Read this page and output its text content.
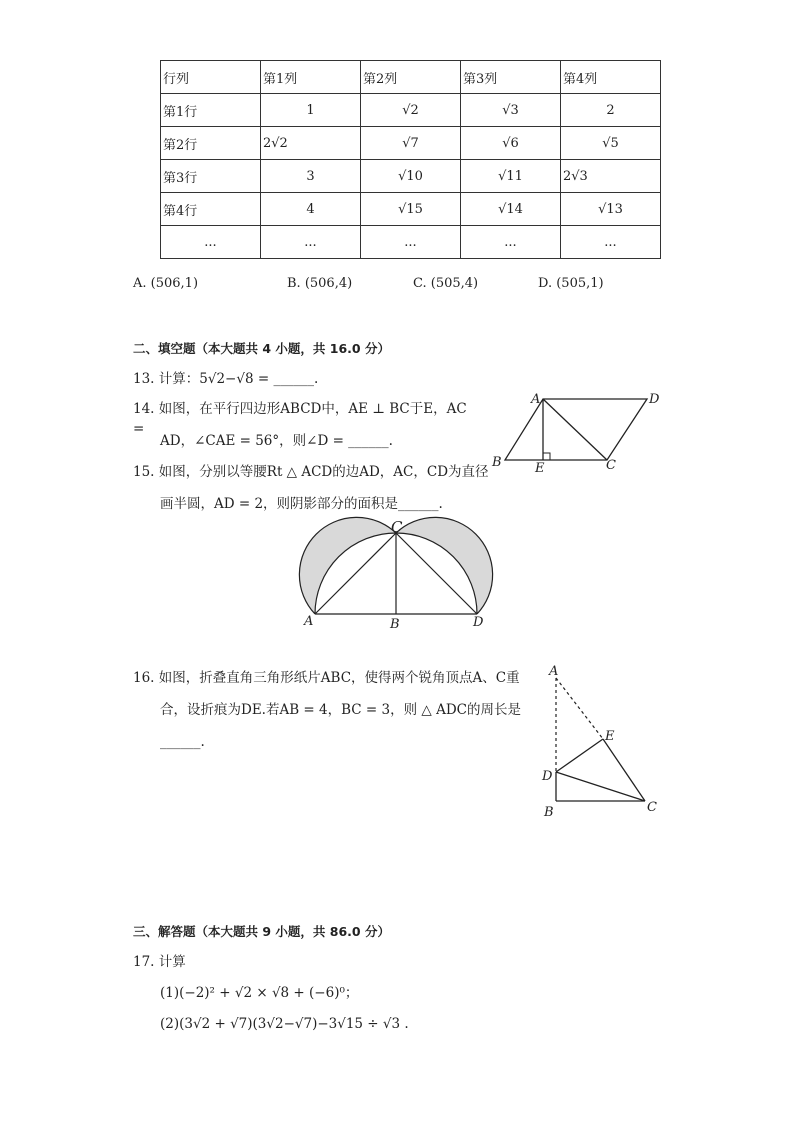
行列	第1列	第2列	第3列	第4列
第1行	1	√2	√3	2
第2行	2√2	√7	√6	√5
第3行	3	√10	√11	2√3
第4行	4	√15	√14	√13
...	...	...	...	...
A. (506,1)	B. (506,4)	C. (505,4)	D. (505,1)
二、填空题（本大题共 4 小题，共 16.0 分）
13. 计算：5√2−√8 = ______.
14. 如图，在平行四边形ABCD中，AE ⊥ BC于E，AC =
AD，∠CAE = 56°，则∠D = ______.
A	D
B	E	C
15. 如图，分别以等腰Rt △ ACD的边AD，AC，CD为直径
画半圆，AD = 2，则阴影部分的面积是______.
C
A	B	D
16. 如图，折叠直角三角形纸片ABC，使得两个锐角顶点A、C重
合，设折痕为DE.若AB = 4，BC = 3，则 △ ADC的周长是
______.
A
E
D
B	C
三、解答题（本大题共 9 小题，共 86.0 分）
17. 计算
(1)(−2)² + √2 × √8 + (−6)⁰；
(2)(3√2 + √7)(3√2−√7)−3√15 ÷ √3 .
